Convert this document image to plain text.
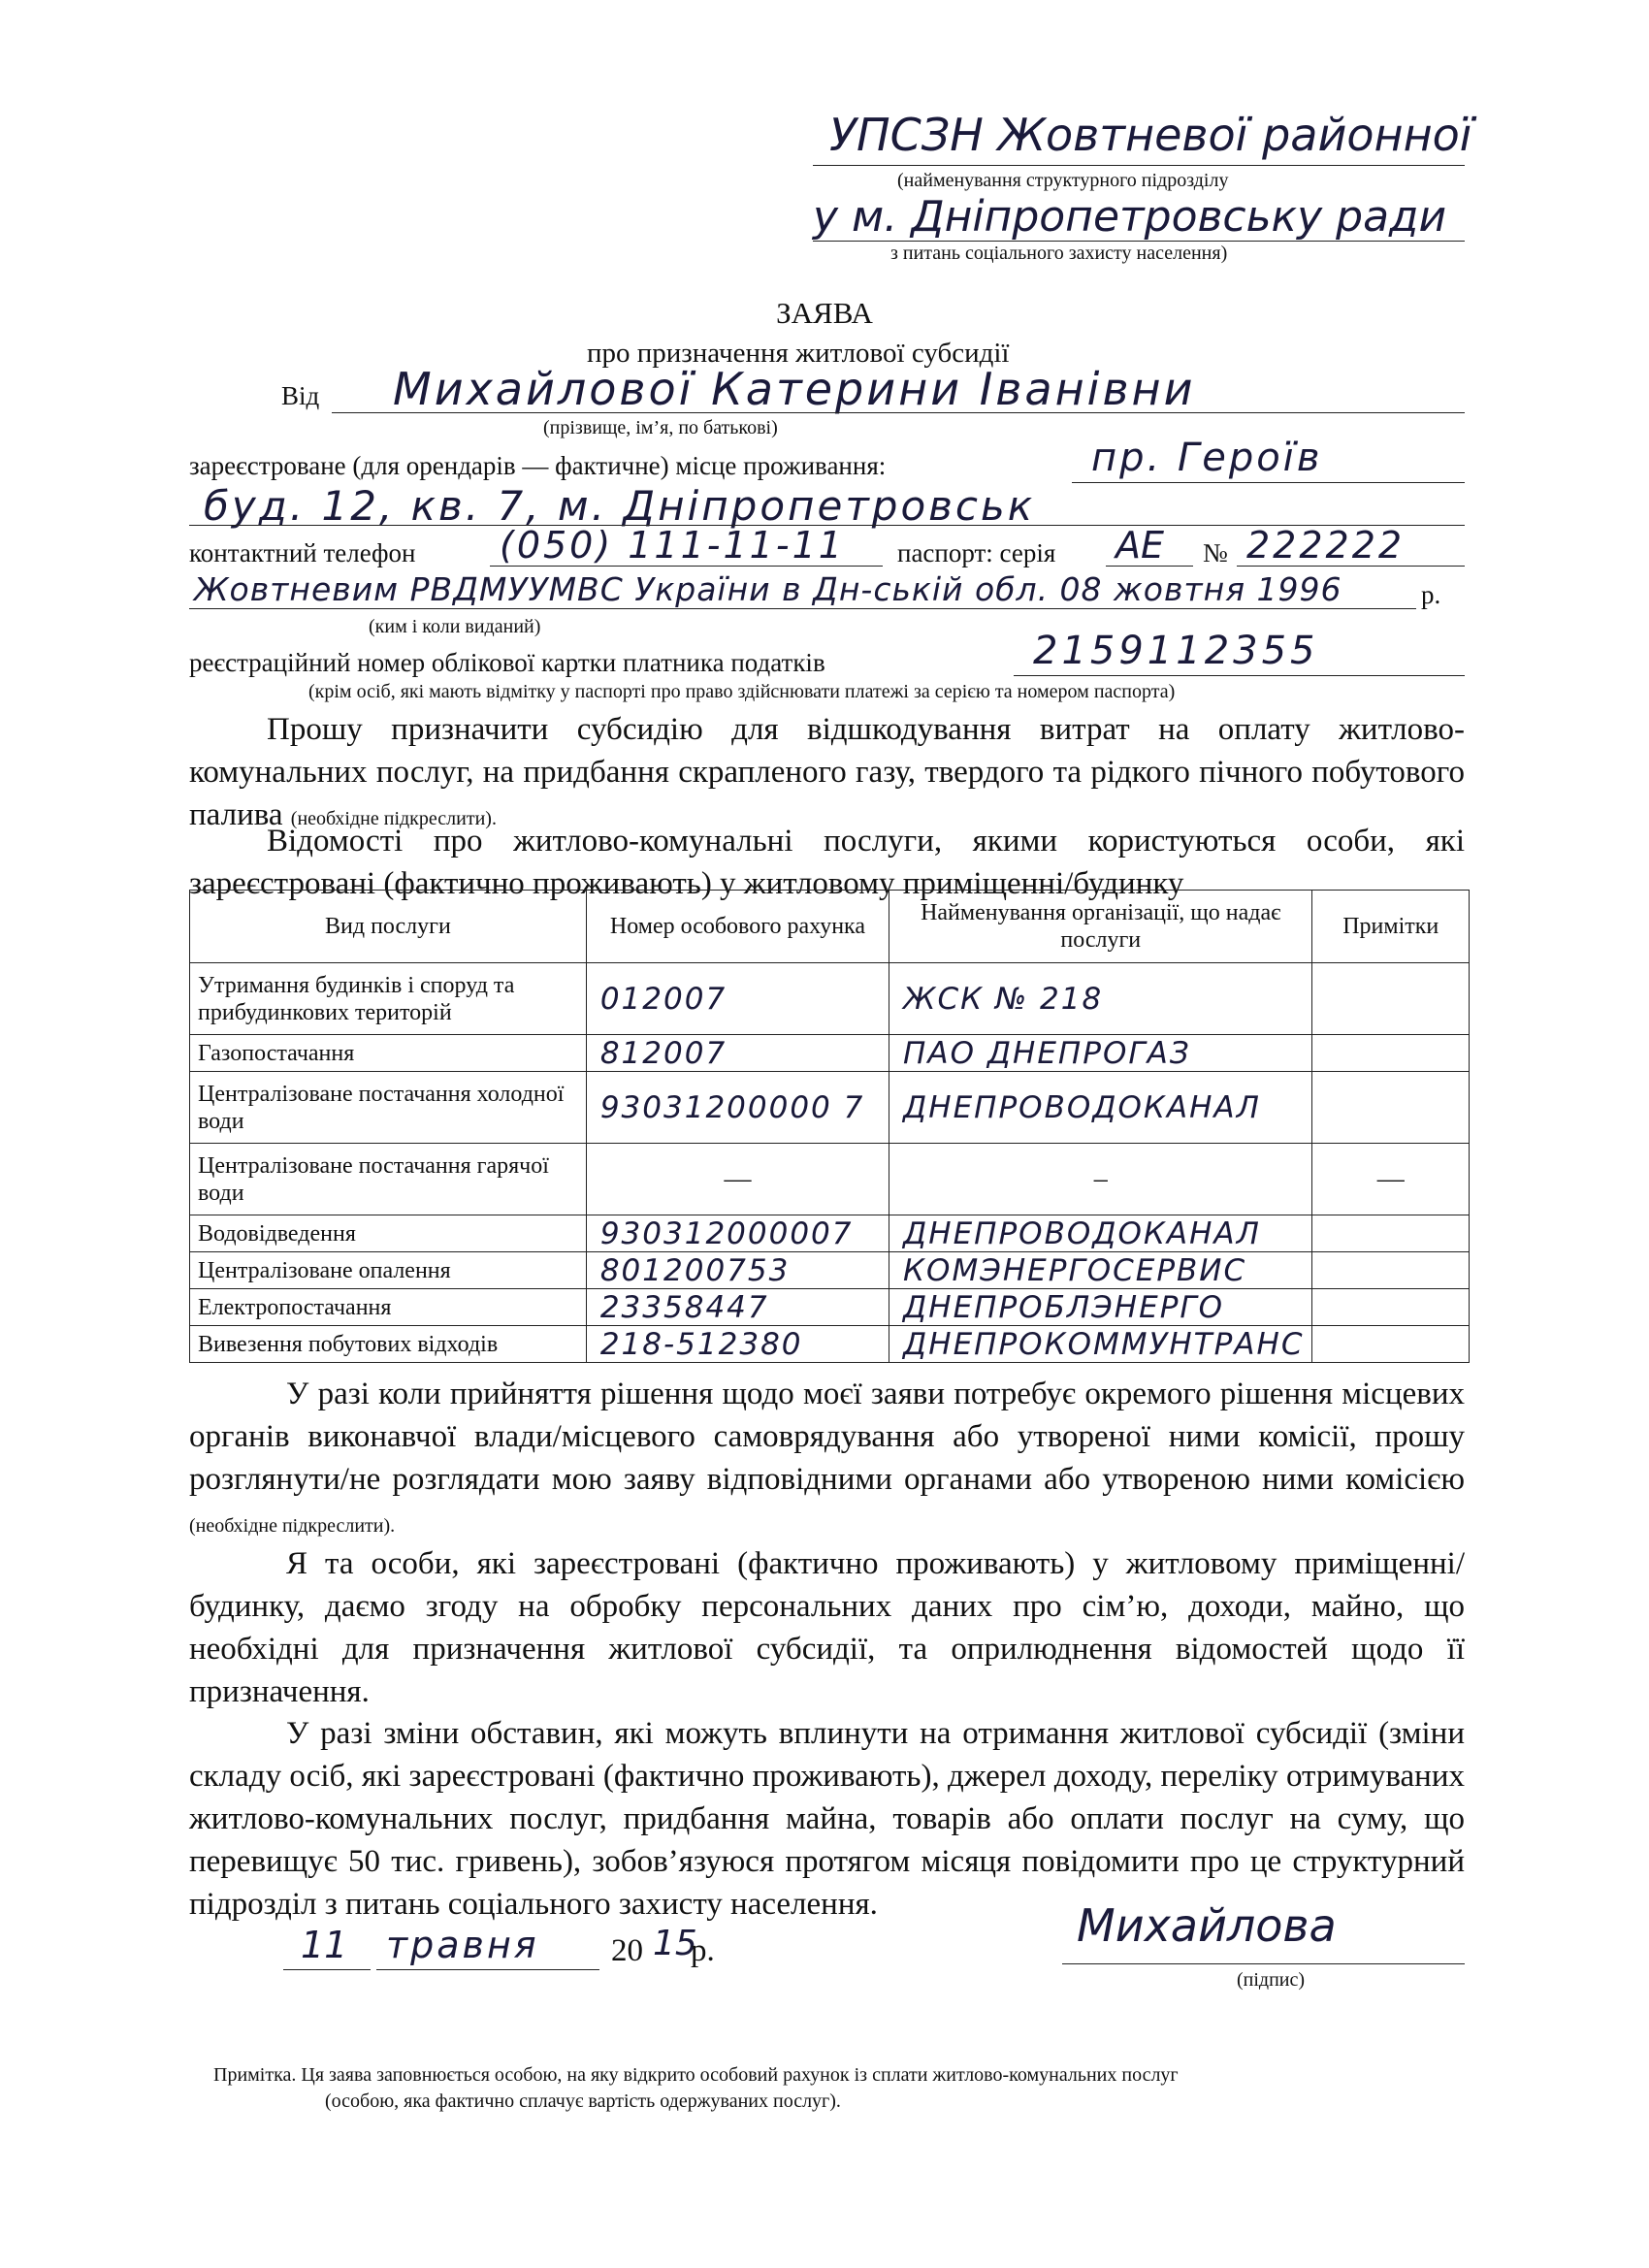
УПСЗН Жовтневої районної
(найменування структурного підрозділу
у м. Дніпропетровську ради
з питань соціального захисту населення)
ЗАЯВА
про призначення житлової субсидії
Від Михайлової Катерини Іванівни
(прізвище, ім’я, по батькові)
зареєстроване (для орендарів — фактичне) місце проживання:	пр. Героїв
буд. 12, кв. 7, м. Дніпропетровськ
контактний телефон (050) 111-11-11 паспорт: серія АЕ № 222222
Жовтневим РВДМУУМВС України в Дн-ській обл. 08 жовтня 1996	р.
(ким і коли виданий)
реєстраційний номер облікової картки платника податків	2159112355
(крім осіб, які мають відмітку у паспорті про право здійснювати платежі за серією та номером паспорта)
Прошу призначити субсидію для відшкодування витрат на оплату житлово-комунальних послуг, на придбання скрапленого газу, твердого та рідкого пічного побутового палива (необхідне підкреслити).
Відомості про житлово-комунальні послуги, якими користуються особи, які зареєстровані (фактично проживають) у житловому приміщенні/будинку
Вид послуги	Номер особового рахунка	Найменування організації, що надає послуги	Примітки
Утримання будинків і споруд та прибудинкових територій	012007	ЖСК № 218	
Газопостачання	812007	ПАО ДНЕПРОГАЗ	
Централізоване постачання холодної води	93031200000 7	ДНЕПРОВОДОКАНАЛ	
Централізоване постачання гарячої води	—	–	—
Водовідведення	930312000007	ДНЕПРОВОДОКАНАЛ	
Централізоване опалення	801200753	КОМЭНЕРГОСЕРВИС	
Електропостачання	23358447	ДНЕПРОБЛЭНЕРГО	
Вивезення побутових відходів	218-512380	ДНЕПРОКОММУНТРАНС	
У разі коли прийняття рішення щодо моєї заяви потребує окремого рішення місцевих органів виконавчої влади/місцевого самоврядування або утвореної ними комісії, прошу розглянути/не розглядати мою заяву відповідними органами або утвореною ними комісією (необхідне підкреслити).
Я та особи, які зареєстровані (фактично проживають) у житловому приміщенні/будинку, даємо згоду на обробку персональних даних про сім’ю, доходи, майно, що необхідні для призначення житлової субсидії, та оприлюднення відомостей щодо її призначення.
У разі зміни обставин, які можуть вплинути на отримання житлової субсидії (зміни складу осіб, які зареєстровані (фактично проживають), джерел доходу, переліку отримуваних житлово-комунальних послуг, придбання майна, товарів або оплати послуг на суму, що перевищує 50 тис. гривень), зобов’язуюся протягом місяця повідомити про це структурний підрозділ з питань соціального захисту населення.
11 травня 20 15
р.	Михайлова
(підпис)
Примітка. Ця заява заповнюється особою, на яку відкрито особовий рахунок із сплати житлово-комунальних послуг
(особою, яка фактично сплачує вартість одержуваних послуг).
